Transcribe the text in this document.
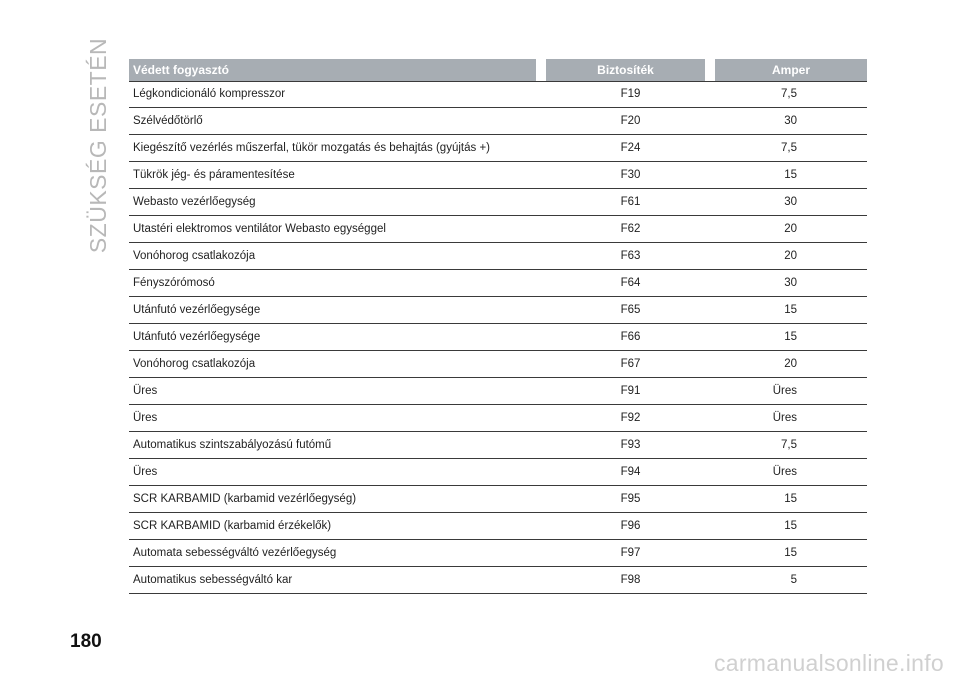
SZÜKSÉG ESETÉN	Védett fogyasztó	Biztosíték	Amper
Légkondicionáló kompresszor	F19	7,5
Szélvédőtörlő	F20	30
Kiegészítő vezérlés műszerfal, tükör mozgatás és behajtás (gyújtás +)	F24	7,5
Tükrök jég- és páramentesítése	F30	15
Webasto vezérlőegység	F61	30
Utastéri elektromos ventilátor Webasto egységgel	F62	20
Vonóhorog csatlakozója	F63	20
Fényszórómosó	F64	30
Utánfutó vezérlőegysége	F65	15
Utánfutó vezérlőegysége	F66	15
Vonóhorog csatlakozója	F67	20
Üres	F91	Üres
Üres	F92	Üres
Automatikus szintszabályozású futómű	F93	7,5
Üres	F94	Üres
SCR KARBAMID (karbamid vezérlőegység)	F95	15
SCR KARBAMID (karbamid érzékelők)	F96	15
Automata sebességváltó vezérlőegység	F97	15
Automatikus sebességváltó kar	F98	5
180
carmanualsonline.info
